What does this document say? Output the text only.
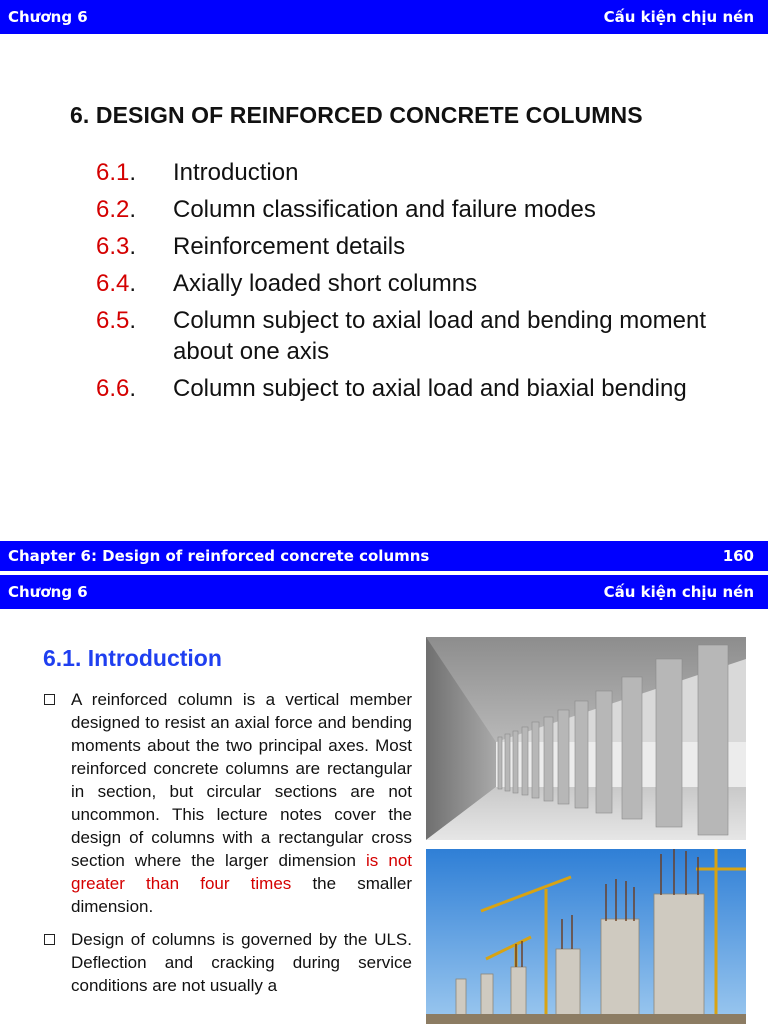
Chương 6	Cấu kiện chịu nén
6. DESIGN OF REINFORCED CONCRETE COLUMNS
6.1.	Introduction
6.2.	Column classification and failure modes
6.3.	Reinforcement details
6.4.	Axially loaded short columns
6.5.	Column subject to axial load and bending moment about one axis
6.6.	Column subject to axial load and biaxial bending
Chapter 6: Design of reinforced concrete columns	160
Chương 6	Cấu kiện chịu nén
6.1. Introduction
A reinforced column is a vertical member designed to resist an axial force and bending moments about the two principal axes. Most reinforced concrete columns are rectangular in section, but circular sections are not uncommon. This lecture notes cover the design of columns with a rectangular cross section where the larger dimension is not greater than four times the smaller dimension.
Design of columns is governed by the ULS. Deflection and cracking during service conditions are not usually a
